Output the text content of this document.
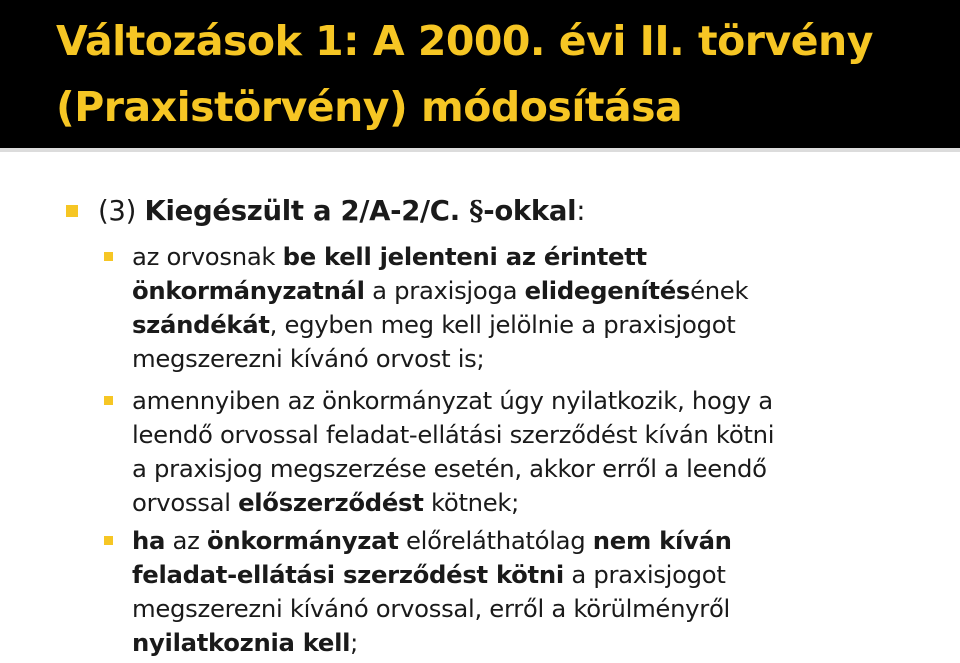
Változások 1: A 2000. évi II. törvény
(Praxistörvény) módosítása
(3) Kiegészült a 2/A-2/C. §-okkal:
az orvosnak be kell jelenteni az érintett
önkormányzatnál a praxisjoga elidegenítésének
szándékát, egyben meg kell jelölnie a praxisjogot
megszerezni kívánó orvost is;
amennyiben az önkormányzat úgy nyilatkozik, hogy a
leendő orvossal feladat-ellátási szerződést kíván kötni
a praxisjog megszerzése esetén, akkor erről a leendő
orvossal előszerződést kötnek;
ha az önkormányzat előreláthatólag nem kíván
feladat-ellátási szerződést kötni a praxisjogot
megszerezni kívánó orvossal, erről a körülményről
nyilatkoznia kell;
